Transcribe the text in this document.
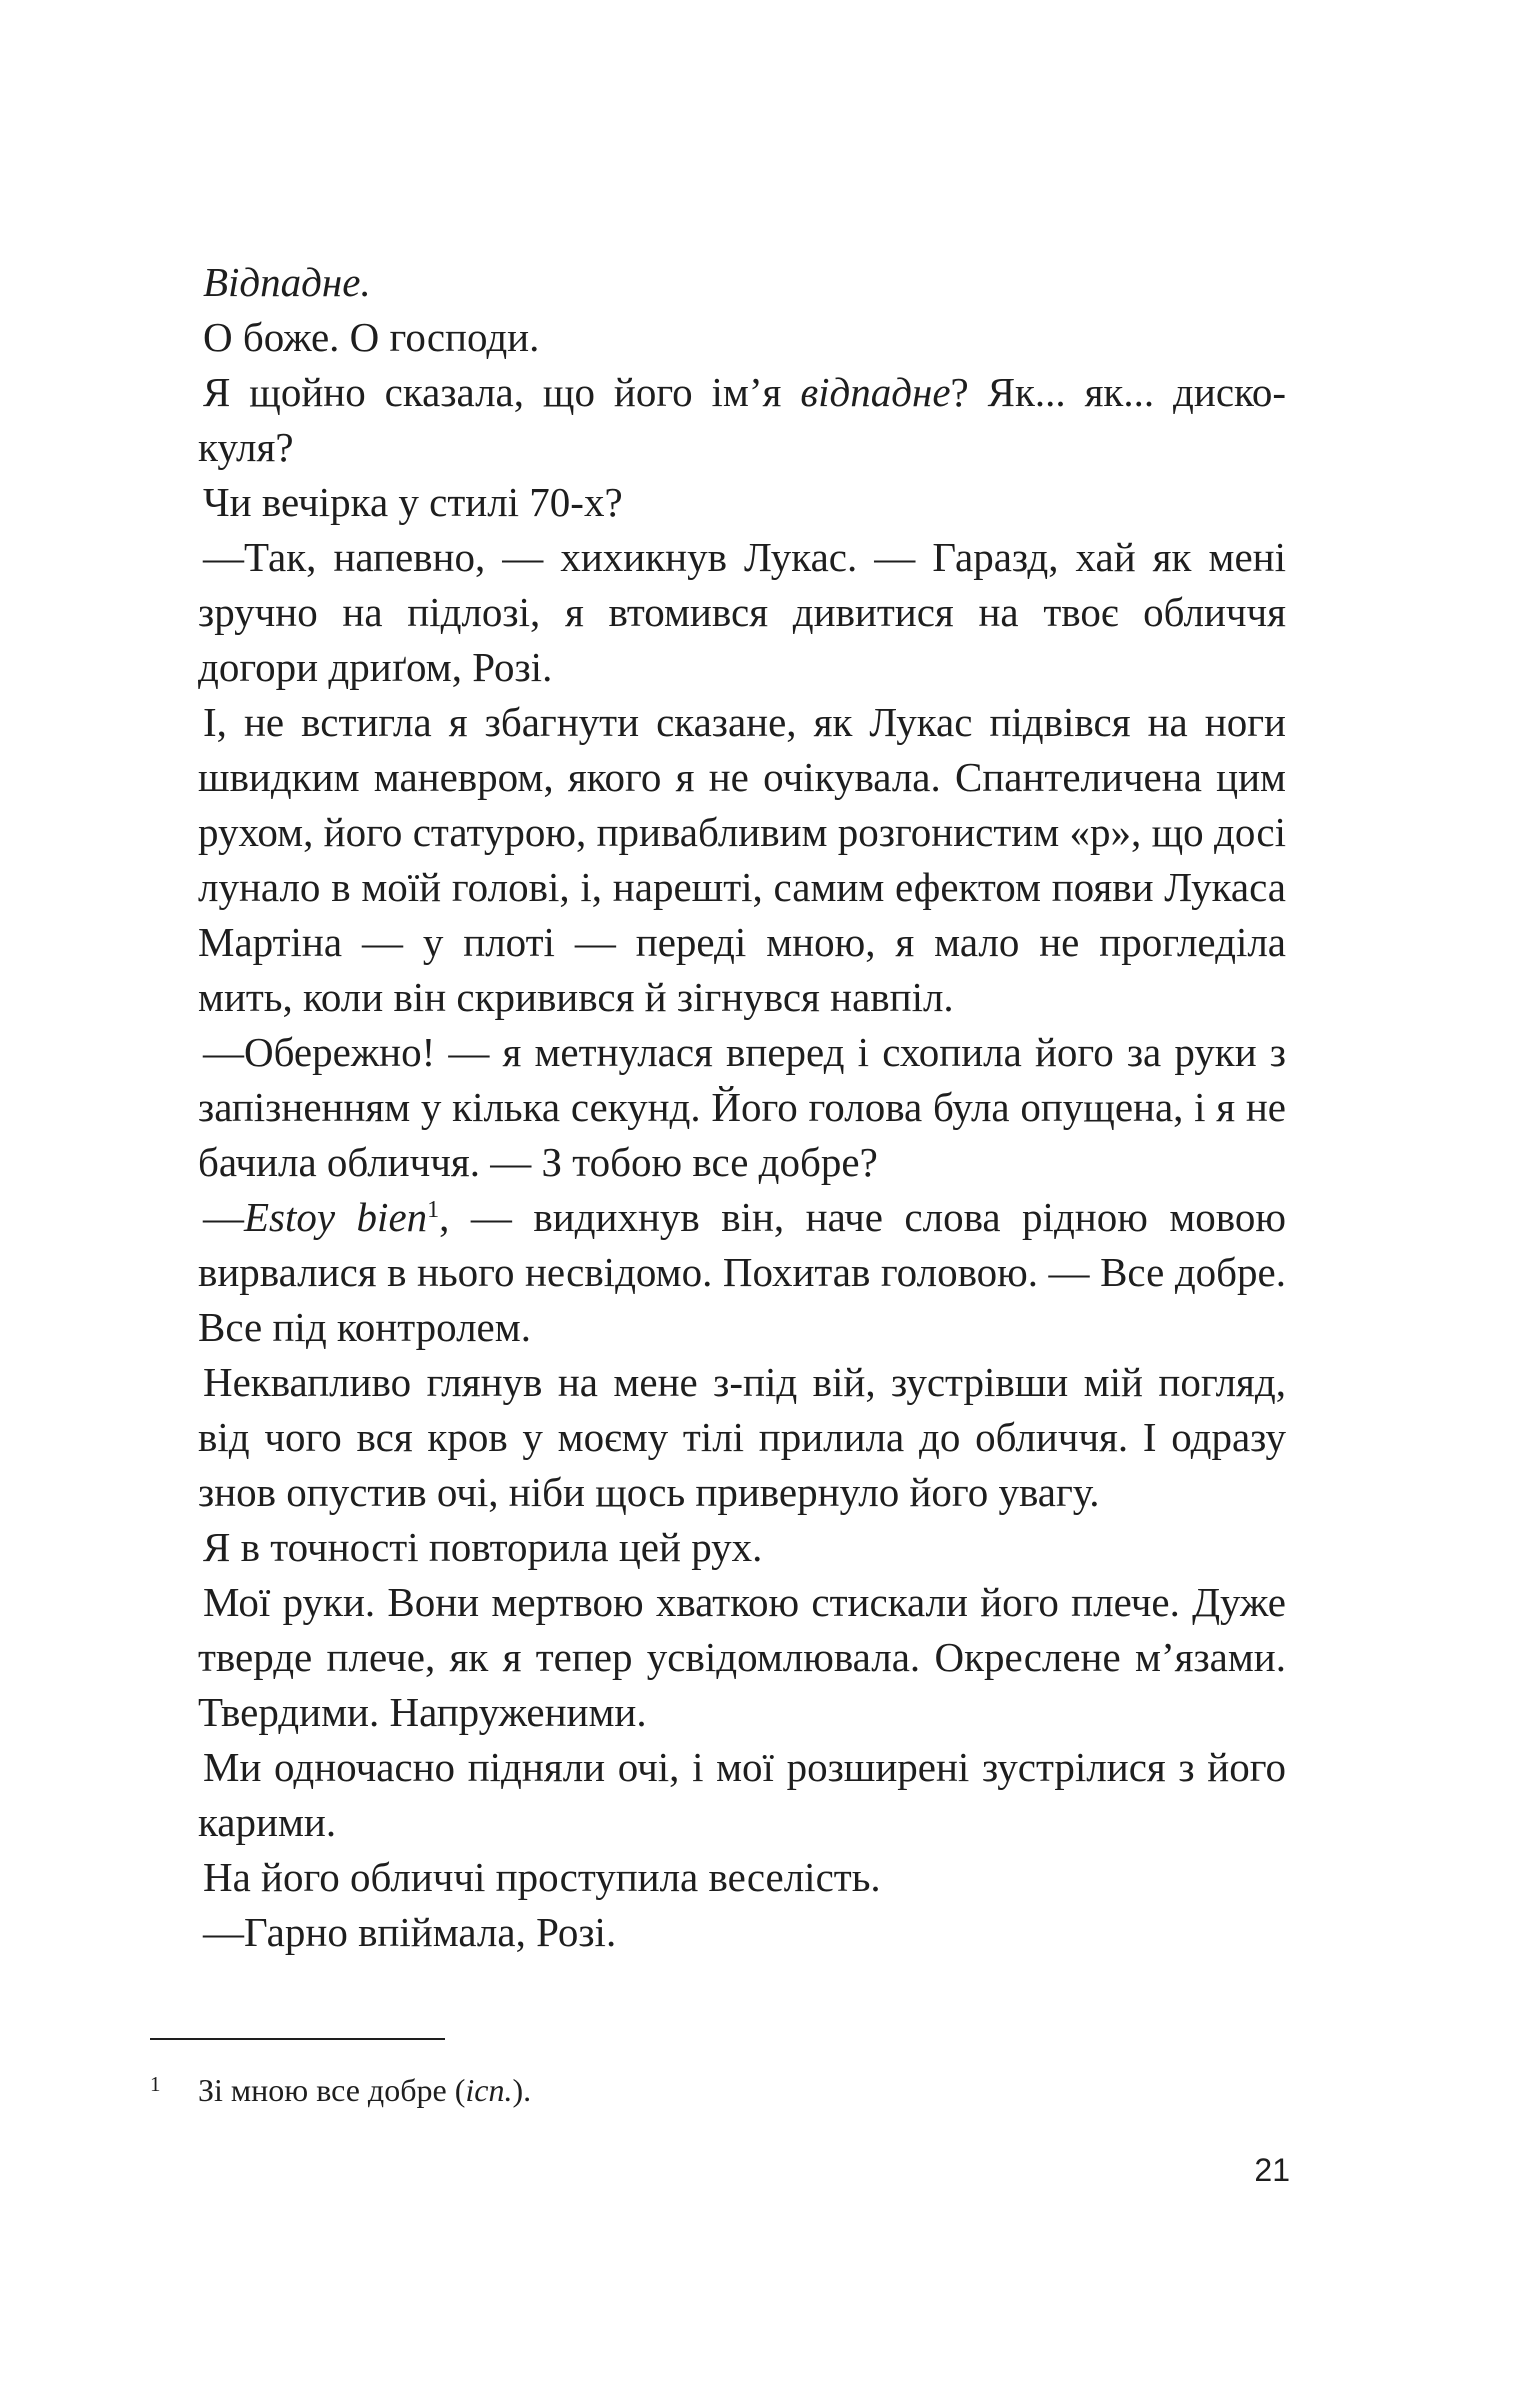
Відпадне.

О боже. О господи.

Я щойно сказала, що його ім’я відпадне? Як... як... диско-куля?

Чи вечірка у стилі 70-х?

—Так, напевно, — хихикнув Лукас. — Гаразд, хай як мені зручно на підлозі, я втомився дивитися на твоє обличчя догори дриґом, Розі.

І, не встигла я збагнути сказане, як Лукас підвівся на ноги швидким маневром, якого я не очікувала. Спантеличена цим рухом, його статурою, привабливим розгонистим «р», що досі лунало в моїй голові, і, нарешті, самим ефектом появи Лукаса Мартіна — у плоті — переді мною, я мало не прогледіла мить, коли він скривився й зігнувся навпіл.

—Обережно! — я метнулася вперед і схопила його за руки з запізненням у кілька секунд. Його голова була опущена, і я не бачила обличчя. — З тобою все добре?

—Estoy bien$^1$, — видихнув він, наче слова рідною мовою вирвалися в нього несвідомо. Похитав головою. — Все добре. Все під контролем.

Неквапливо глянув на мене з-під вій, зустрівши мій погляд, від чого вся кров у моєму тілі прилила до обличчя. І одразу знов опустив очі, ніби щось привернуло його увагу.

Я в точності повторила цей рух.

Мої руки. Вони мертвою хваткою стискали його плече. Дуже тверде плече, як я тепер усвідомлювала. Окреслене м’язами. Твердими. Напруженими.

Ми одночасно підняли очі, і мої розширені зустрілися з його карими.

На його обличчі проступила веселість.

—Гарно впіймала, Розі.

1 Зі мною все добре (ісп.).
21
